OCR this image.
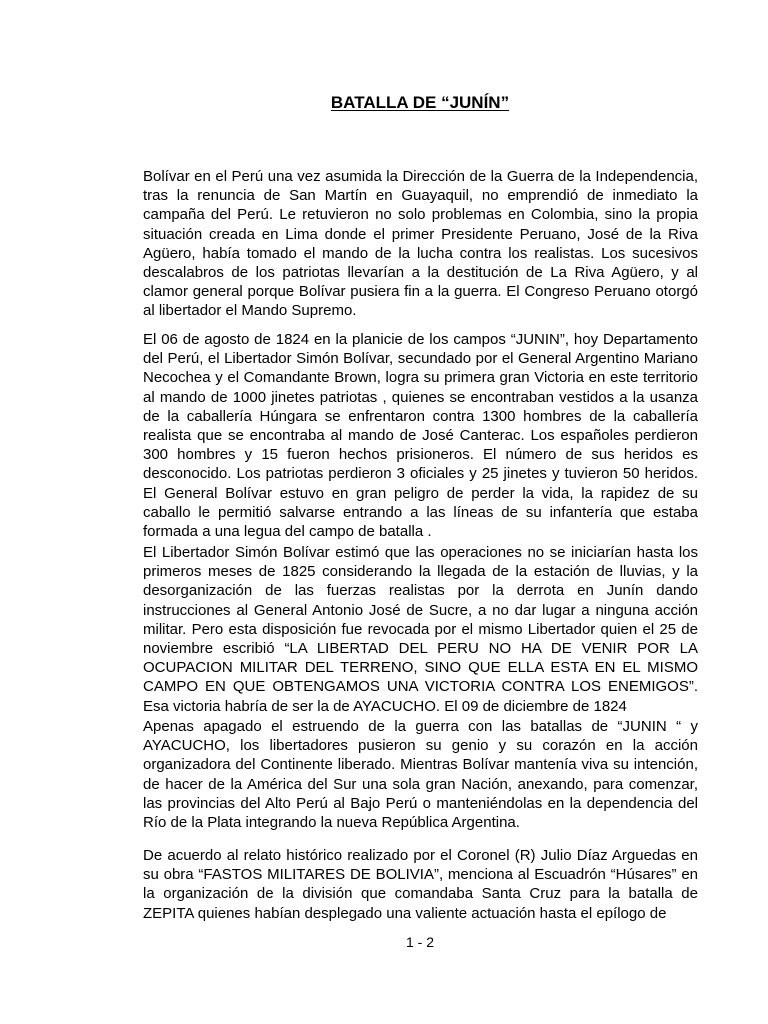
BATALLA DE “JUNÍN”

Bolívar en el Perú una vez asumida la Dirección de la Guerra de la Independencia, tras la renuncia de San Martín en Guayaquil, no emprendió de inmediato la campaña del Perú. Le retuvieron no solo problemas en Colombia, sino la propia situación creada en Lima donde el primer Presidente Peruano, José de la Riva Agüero, había tomado el mando de la lucha contra los realistas. Los sucesivos descalabros de los patriotas llevarían a la destitución de La Riva Agüero, y al clamor general porque Bolívar pusiera fin a la guerra. El Congreso Peruano otorgó al libertador el Mando Supremo.

El 06 de agosto de 1824 en la planicie de los campos “JUNIN”, hoy Departamento del Perú, el Libertador Simón Bolívar, secundado por el General Argentino Mariano Necochea y el Comandante Brown, logra su primera gran Victoria en este territorio al mando de 1000 jinetes patriotas , quienes se encontraban vestidos a la usanza de la caballería Húngara se enfrentaron contra 1300 hombres de la caballería realista que se encontraba al mando de José Canterac. Los españoles perdieron 300 hombres y 15 fueron hechos prisioneros. El número de sus heridos es desconocido. Los patriotas perdieron 3 oficiales y 25 jinetes y tuvieron 50 heridos. El General Bolívar estuvo en gran peligro de perder la vida, la rapidez de su caballo le permitió salvarse entrando a las líneas de su infantería que estaba formada a una legua del campo de batalla .

El Libertador Simón Bolívar estimó que las operaciones no se iniciarían hasta los primeros meses de 1825 considerando la llegada de la estación de lluvias, y la desorganización de las fuerzas realistas por la derrota en Junín dando instrucciones al General Antonio José de Sucre, a no dar lugar a ninguna acción militar. Pero esta disposición fue revocada por el mismo Libertador quien el 25 de noviembre escribió “LA LIBERTAD DEL PERU NO HA DE VENIR POR LA OCUPACION MILITAR DEL TERRENO, SINO QUE ELLA ESTA EN EL MISMO CAMPO EN QUE OBTENGAMOS UNA VICTORIA CONTRA LOS ENEMIGOS”. Esa victoria habría de ser la de AYACUCHO. El 09 de diciembre de 1824

Apenas apagado el estruendo de la guerra con las batallas de “JUNIN “ y AYACUCHO, los libertadores pusieron su genio y su corazón en la acción organizadora del Continente liberado. Mientras Bolívar mantenía viva su intención, de hacer de la América del Sur una sola gran Nación, anexando, para comenzar, las provincias del Alto Perú al Bajo Perú o manteniéndolas en la dependencia del Río de la Plata integrando la nueva República Argentina.

De acuerdo al relato histórico realizado por el Coronel (R) Julio Díaz Arguedas en su obra “FASTOS MILITARES DE BOLIVIA”, menciona al Escuadrón “Húsares” en la organización de la división que comandaba Santa Cruz para la batalla de ZEPITA quienes habían desplegado una valiente actuación hasta el epílogo de

1 - 2
